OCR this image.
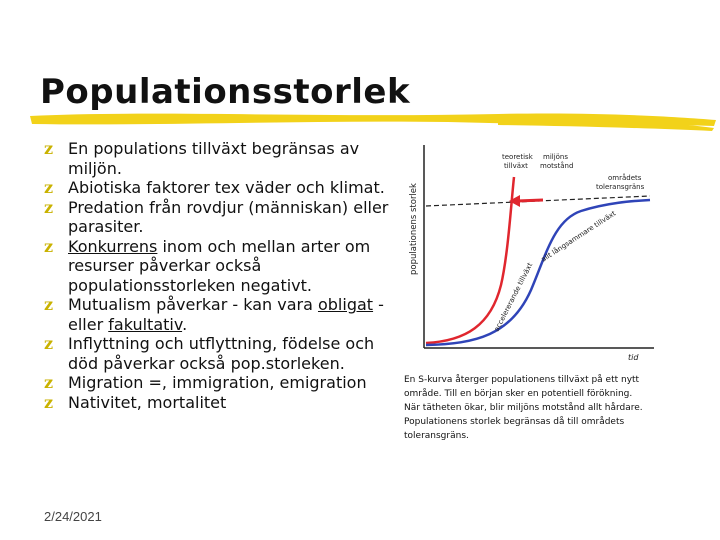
Populationsstorlek
z En populations tillväxt begränsas av miljön.
z Abiotiska faktorer tex väder och klimat.
z Predation från rovdjur (människan) eller parasiter.
z Konkurrens inom och mellan arter om resurser påverkar också populationsstorleken negativt.
z Mutualism påverkar - kan vara obligat - eller fakultativ.
z Inflyttning och utflyttning, födelse och död påverkar också pop.storleken.
z Migration =, immigration, emigration
z Nativitet, mortalitet
populationens storlek
tid
teoretisk
tillväxt
miljöns
motstånd
områdets
toleransgräns
allt långsammare tillväxt
accelererande tillväxt
En S-kurva återger populationens tillväxt på ett nytt
område. Till en början sker en potentiell förökning.
När tätheten ökar, blir miljöns motstånd allt hårdare.
Populationens storlek begränsas då till områdets
toleransgräns.
2/24/2021
